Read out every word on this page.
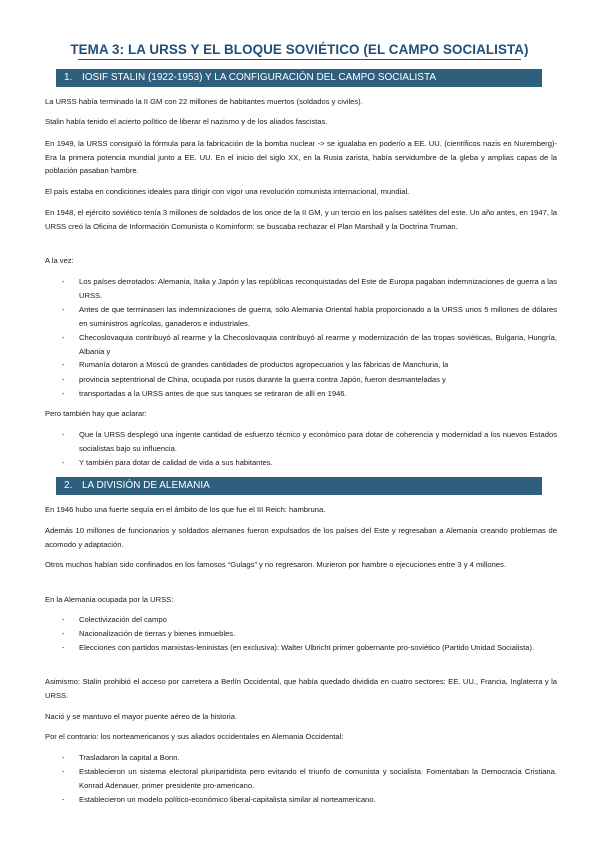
TEMA 3: LA URSS Y EL BLOQUE SOVIÉTICO (EL CAMPO SOCIALISTA)
1. IOSIF STALIN (1922-1953) Y LA CONFIGURACIÓN DEL CAMPO SOCIALISTA
La URSS había terminado la II GM con 22 millones de habitantes muertos (soldados y civiles).
Stalin había tenido el acierto político de liberar el nazismo y de los aliados fascistas.
En 1949, la URSS consiguió la fórmula para la fabricación de la bomba nuclear -> se igualaba en poderío a EE. UU. (científicos nazis en Nuremberg)- Era la primera potencia mundial junto a EE. UU. En el inicio del siglo XX, en la Rusia zarista, había servidumbre de la gleba y amplias capas de la población pasaban hambre.
El país estaba en condiciones ideales para dirigir con vigor una revolución comunista internacional, mundial.
En 1948, el ejército soviético tenía 3 millones de soldados de los once de la II GM, y un tercio en los países satélites del este. Un año antes, en 1947, la URSS creó la Oficina de Información Comunista o Kominform: se buscaba rechazar el Plan Marshall y la Doctrina Truman.
A la vez:
- Los países derrotados: Alemania, Italia y Japón y las repúblicas reconquistadas del Este de Europa pagaban indemnizaciones de guerra a las URSS.
- Antes de que terminasen las indemnizaciones de guerra, sólo Alemania Oriental había proporcionado a la URSS unos 5 millones de dólares en suministros agrícolas, ganaderos e industriales.
- Checoslovaquia contribuyó al rearme y la Checoslovaquia contribuyó al rearme y modernización de las tropas soviéticas, Bulgaria, Hungría, Albania y
- Rumanía dotaron a Moscú de grandes cantidades de productos agropecuarios y las fábricas de Manchuria, la
- provincia septentrional de China, ocupada por rusos durante la guerra contra Japón, fueron desmanteladas y
- transportadas a la URSS antes de que sus tanques se retiraran de allí en 1946.
Pero también hay que aclarar:
- Que la URSS desplegó una ingente cantidad de esfuerzo técnico y económico para dotar de coherencia y modernidad a los nuevos Estados socialistas bajo su influencia.
- Y también para dotar de calidad de vida a sus habitantes.
2. LA DIVISIÓN DE ALEMANIA
En 1946 hubo una fuerte sequía en el ámbito de los que fue el III Reich: hambruna.
Además 10 millones de funcionarios y soldados alemanes fueron expulsados de los países del Este y regresaban a Alemania creando problemas de acomodo y adaptación.
Otros muchos habían sido confinados en los famosos “Gulags” y no regresaron. Murieron por hambre o ejecuciones entre 3 y 4 millones.
En la Alemania ocupada por la URSS:
- Colectivización del campo
- Nacionalización de tierras y bienes inmuebles.
- Elecciones con partidos marxistas-leninistas (en exclusiva): Walter Ulbricht primer gobernante pro-soviético (Partido Unidad Socialista).
Asimismo: Stalin prohibió el acceso por carretera a Berlín Occidental, que había quedado dividida en cuatro sectores: EE. UU., Francia, Inglaterra y la URSS.
Nació y se mantuvo el mayor puente aéreo de la historia.
Por el contrario: los norteamericanos y sus aliados occidentales en Alemania Occidental:
- Trasladaron la capital a Bonn.
- Establecieron un sistema electoral pluripartidista pero evitando el triunfo de comunista y socialista. Fomentaban la Democracia Cristiana. Konrad Adenauer, primer presidente pro-americano.
- Establecieron un modelo político-económico liberal-capitalista similar al norteamericano.
